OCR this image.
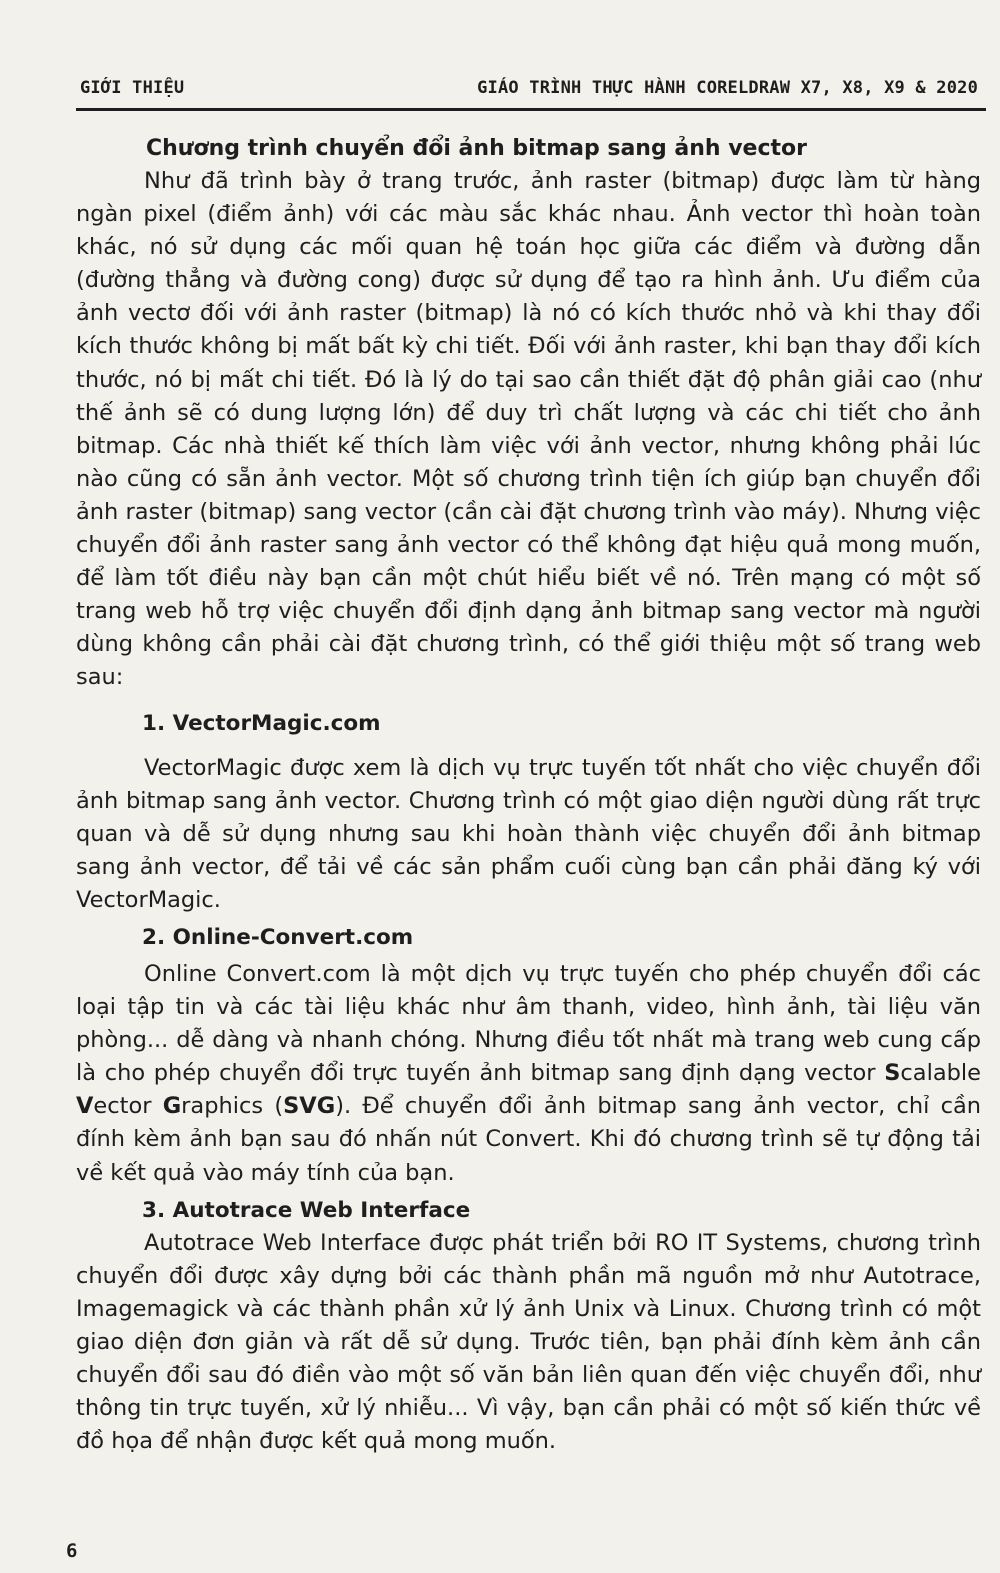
GIỚI THIỆU	GIÁO TRÌNH THỰC HÀNH CORELDRAW X7, X8, X9 & 2020

Chương trình chuyển đổi ảnh bitmap sang ảnh vector

Như đã trình bày ở trang trước, ảnh raster (bitmap) được làm từ hàng ngàn pixel (điểm ảnh) với các màu sắc khác nhau. Ảnh vector thì hoàn toàn khác, nó sử dụng các mối quan hệ toán học giữa các điểm và đường dẫn (đường thẳng và đường cong) được sử dụng để tạo ra hình ảnh. Ưu điểm của ảnh vectơ đối với ảnh raster (bitmap) là nó có kích thước nhỏ và khi thay đổi kích thước không bị mất bất kỳ chi tiết. Đối với ảnh raster, khi bạn thay đổi kích thước, nó bị mất chi tiết. Đó là lý do tại sao cần thiết đặt độ phân giải cao (như thế ảnh sẽ có dung lượng lớn) để duy trì chất lượng và các chi tiết cho ảnh bitmap. Các nhà thiết kế thích làm việc với ảnh vector, nhưng không phải lúc nào cũng có sẵn ảnh vector. Một số chương trình tiện ích giúp bạn chuyển đổi ảnh raster (bitmap) sang vector (cần cài đặt chương trình vào máy). Nhưng việc chuyển đổi ảnh raster sang ảnh vector có thể không đạt hiệu quả mong muốn, để làm tốt điều này bạn cần một chút hiểu biết về nó. Trên mạng có một số trang web hỗ trợ việc chuyển đổi định dạng ảnh bitmap sang vector mà người dùng không cần phải cài đặt chương trình, có thể giới thiệu một số trang web sau:

1. VectorMagic.com

VectorMagic được xem là dịch vụ trực tuyến tốt nhất cho việc chuyển đổi ảnh bitmap sang ảnh vector. Chương trình có một giao diện người dùng rất trực quan và dễ sử dụng nhưng sau khi hoàn thành việc chuyển đổi ảnh bitmap sang ảnh vector, để tải về các sản phẩm cuối cùng bạn cần phải đăng ký với VectorMagic.

2. Online-Convert.com

Online Convert.com là một dịch vụ trực tuyến cho phép chuyển đổi các loại tập tin và các tài liệu khác như âm thanh, video, hình ảnh, tài liệu văn phòng... dễ dàng và nhanh chóng. Nhưng điều tốt nhất mà trang web cung cấp là cho phép chuyển đổi trực tuyến ảnh bitmap sang định dạng vector Scalable Vector Graphics (SVG). Để chuyển đổi ảnh bitmap sang ảnh vector, chỉ cần đính kèm ảnh bạn sau đó nhấn nút Convert. Khi đó chương trình sẽ tự động tải về kết quả vào máy tính của bạn.

3. Autotrace Web Interface

Autotrace Web Interface được phát triển bởi RO IT Systems, chương trình chuyển đổi được xây dựng bởi các thành phần mã nguồn mở như Autotrace, Imagemagick và các thành phần xử lý ảnh Unix và Linux. Chương trình có một giao diện đơn giản và rất dễ sử dụng. Trước tiên, bạn phải đính kèm ảnh cần chuyển đổi sau đó điền vào một số văn bản liên quan đến việc chuyển đổi, như thông tin trực tuyến, xử lý nhiễu... Vì vậy, bạn cần phải có một số kiến thức về đồ họa để nhận được kết quả mong muốn.

6
